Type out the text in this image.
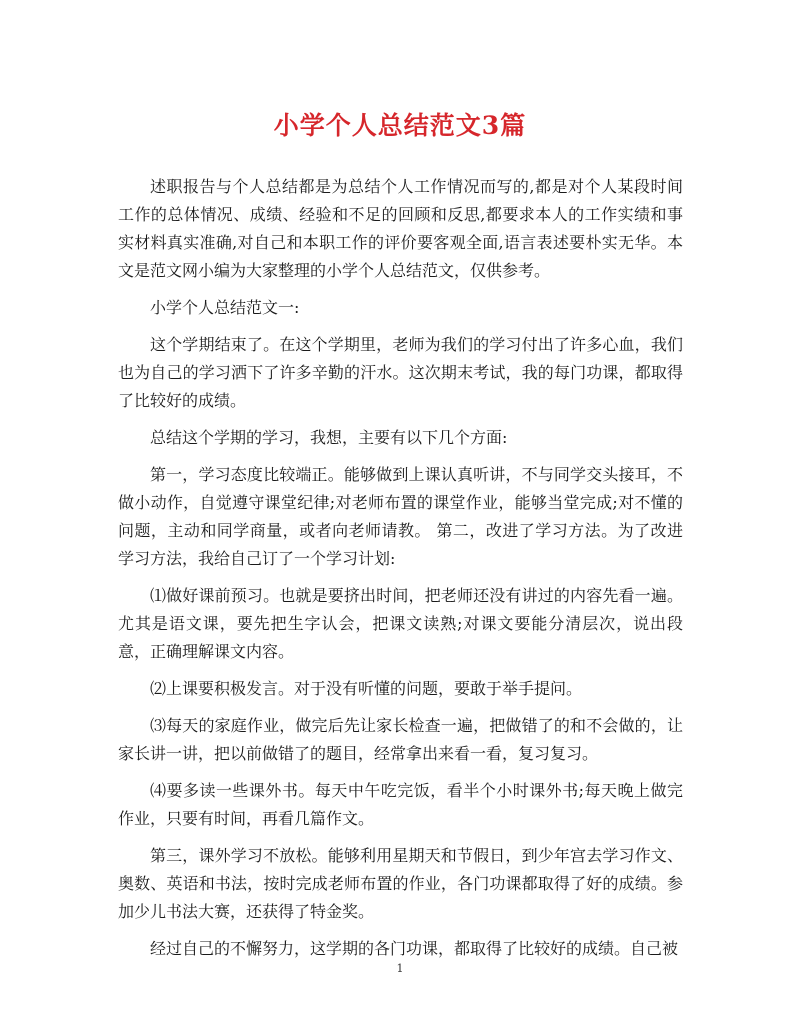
小学个人总结范文3篇

述职报告与个人总结都是为总结个人工作情况而写的,都是对个人某段时间工作的总体情况、成绩、经验和不足的回顾和反思,都要求本人的工作实绩和事实材料真实准确,对自己和本职工作的评价要客观全面,语言表述要朴实无华。本文是范文网小编为大家整理的小学个人总结范文，仅供参考。

小学个人总结范文一:

这个学期结束了。在这个学期里，老师为我们的学习付出了许多心血，我们也为自己的学习洒下了许多辛勤的汗水。这次期末考试，我的每门功课，都取得了比较好的成绩。

总结这个学期的学习，我想，主要有以下几个方面:

第一，学习态度比较端正。能够做到上课认真听讲，不与同学交头接耳，不做小动作，自觉遵守课堂纪律;对老师布置的课堂作业，能够当堂完成;对不懂的问题，主动和同学商量，或者向老师请教。 第二，改进了学习方法。为了改进学习方法，我给自己订了一个学习计划:

⑴做好课前预习。也就是要挤出时间，把老师还没有讲过的内容先看一遍。尤其是语文课，要先把生字认会，把课文读熟;对课文要能分清层次，说出段意，正确理解课文内容。

⑵上课要积极发言。对于没有听懂的问题，要敢于举手提问。

⑶每天的家庭作业，做完后先让家长检查一遍，把做错了的和不会做的，让家长讲一讲，把以前做错了的题目，经常拿出来看一看，复习复习。

⑷要多读一些课外书。每天中午吃完饭，看半个小时课外书;每天晚上做完作业，只要有时间，再看几篇作文。

第三，课外学习不放松。能够利用星期天和节假日，到少年宫去学习作文、奥数、英语和书法，按时完成老师布置的作业，各门功课都取得了好的成绩。参加少儿书法大赛，还获得了特金奖。

经过自己的不懈努力，这学期的各门功课，都取得了比较好的成绩。自己被

1
